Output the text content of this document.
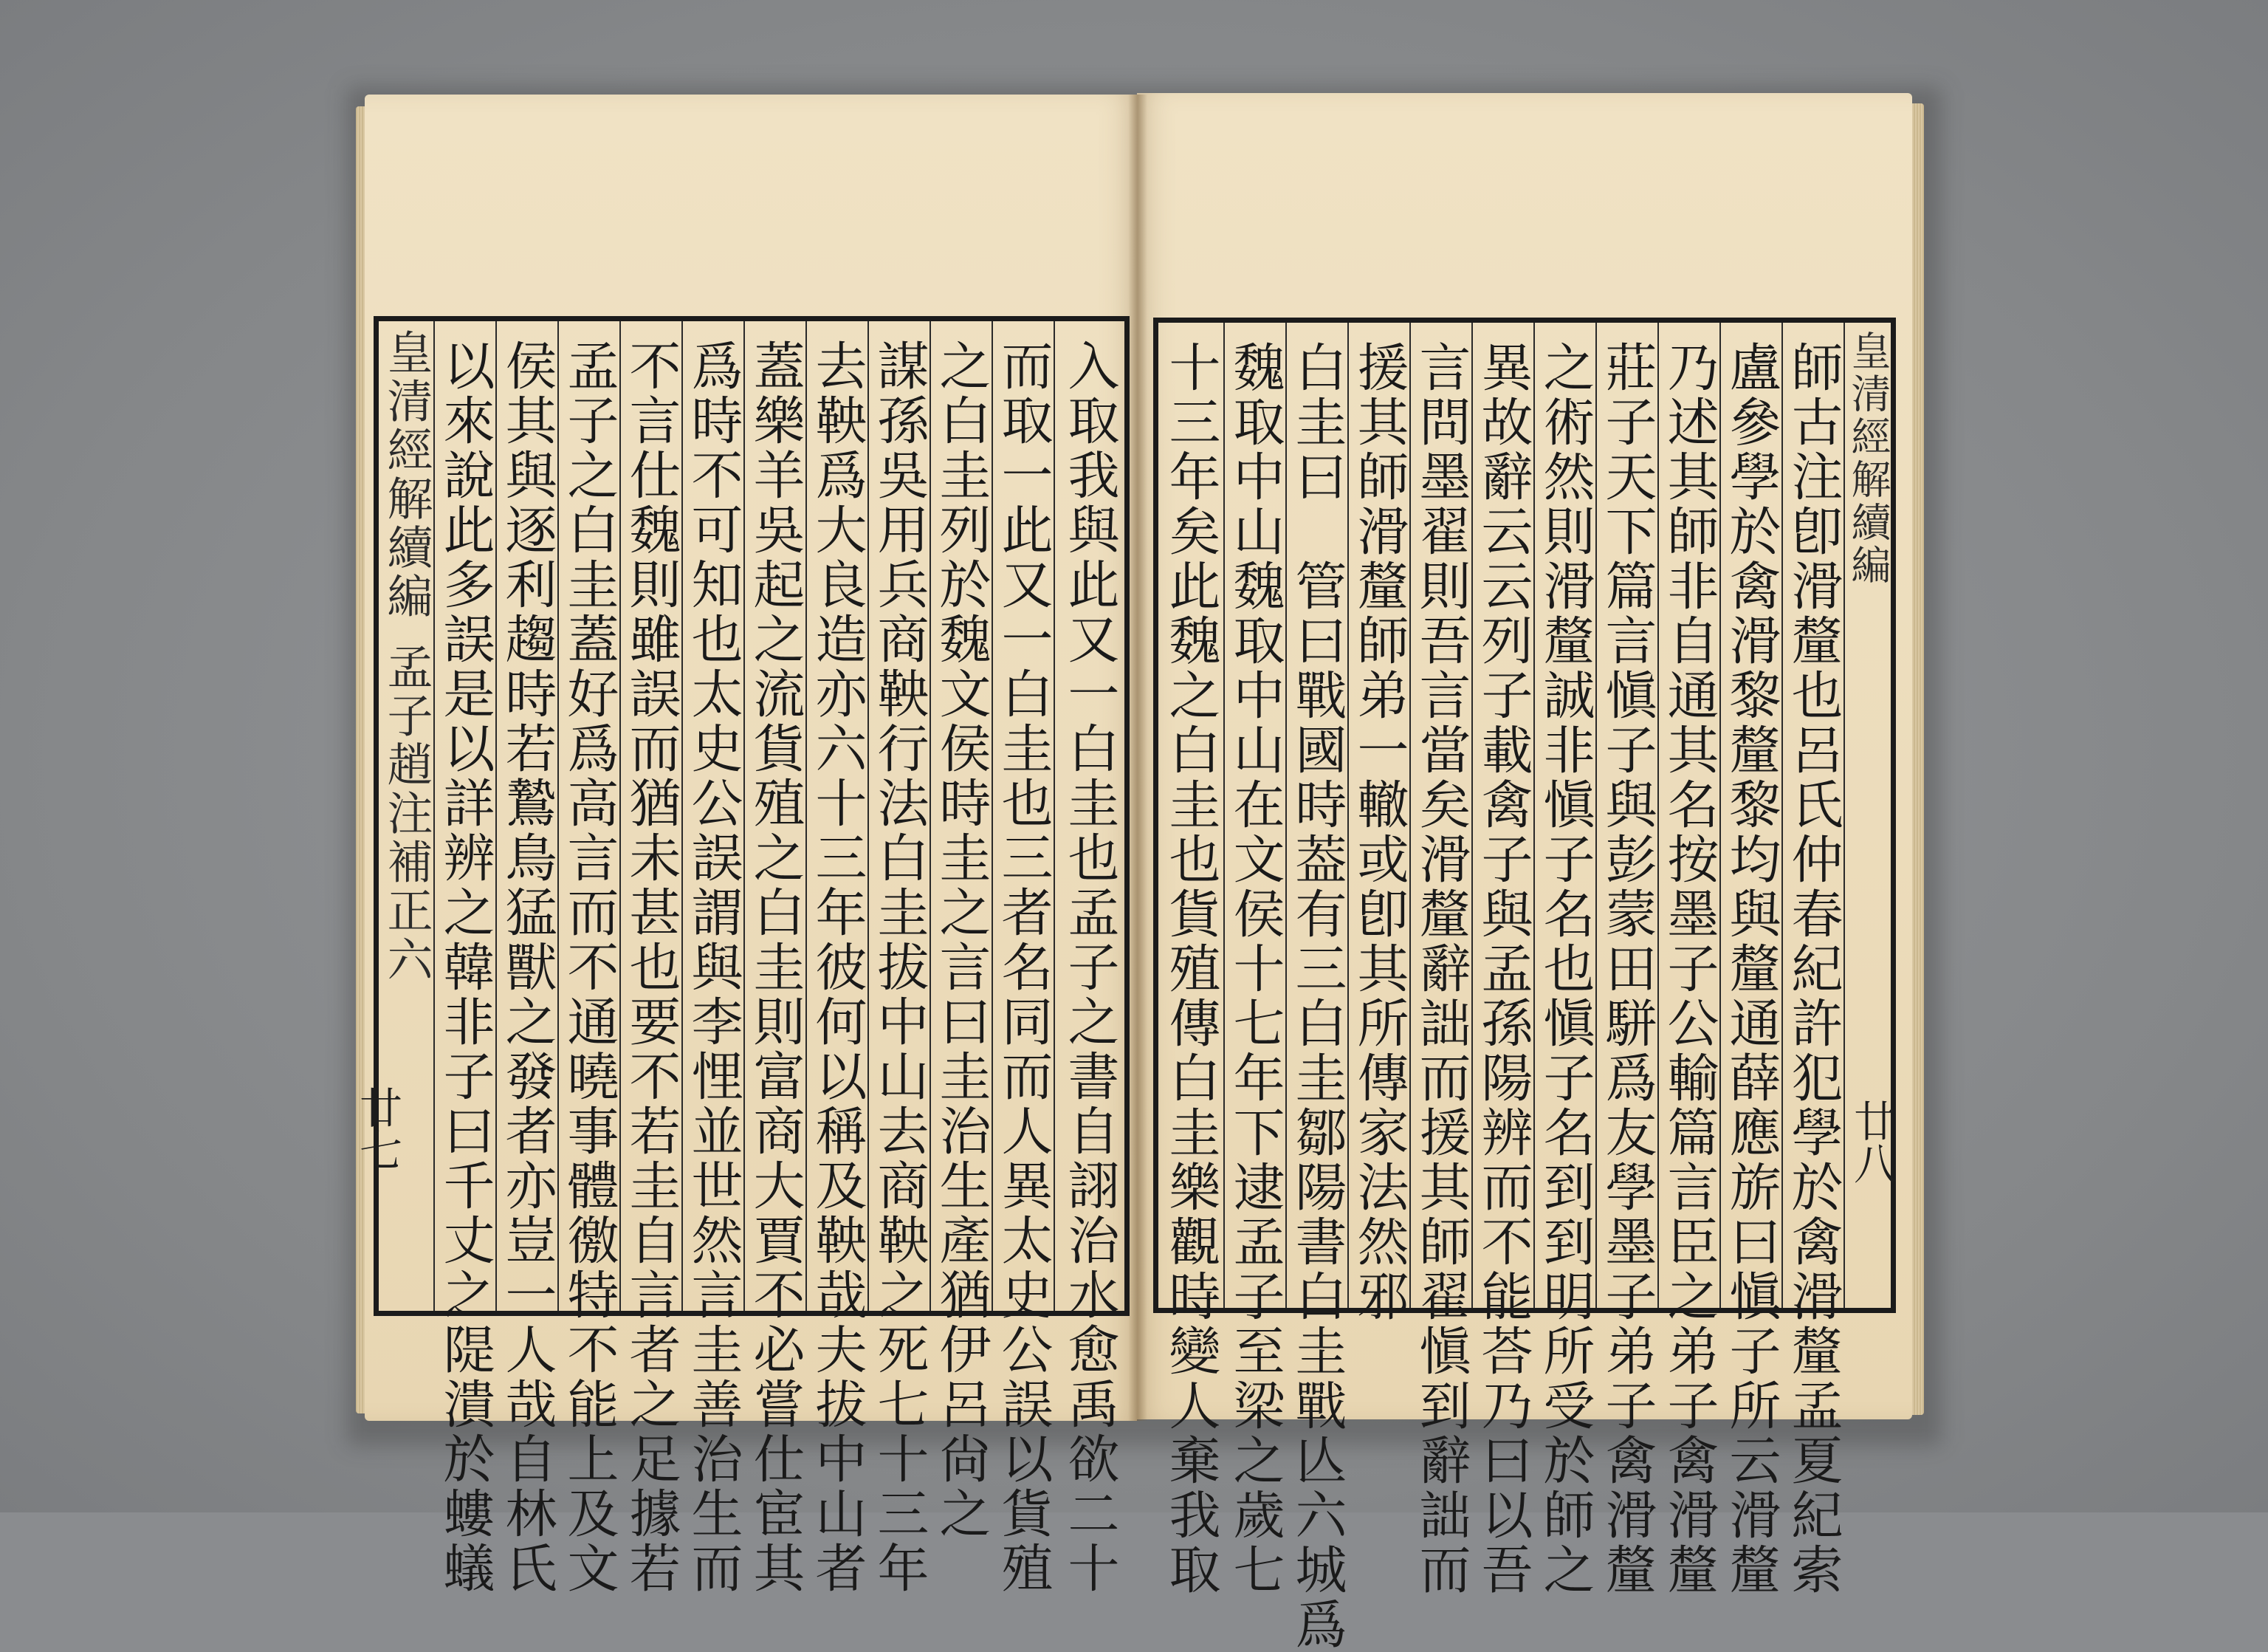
皇清經解續編孟子趙注補正六 以來說此多誤是以詳辨之韓非子曰千丈之隄潰於螻蟻 侯其與逐利趨時若鷙鳥猛獸之發者亦豈一人哉自林氏 孟子之白圭蓋好爲高言而不通曉事體徼特不能上及文 不言仕魏則雖誤而猶未甚也要不若圭自言者之足據若 爲時不可知也太史公誤謂與李悝並世然言圭善治生而 蓋樂羊吳起之流貨殖之白圭則富商大賈不必嘗仕宦其 去鞅爲大良造亦六十三年彼何以稱及鞅哉夫拔中山者 謀孫吳用兵商鞅行法白圭拔中山去商鞅之死七十三年 之白圭列於魏文侯時圭之言曰圭治生產猶伊呂尙之 而取一此又一白圭也三者名同而人異太史公誤以貨殖 入取我與此又一白圭也孟子之書自詡治水愈禹欲二十
廿七	十三年矣此魏之白圭也貨殖傳白圭樂觀時變人棄我取 魏取中山魏取中山在文侯十七年下逮孟子至梁之歲七 白圭曰　管曰戰國時葢有三白圭鄒陽書白圭戰亾六城爲 援其師滑釐師弟一轍或卽其所傳家法然邪 言問墨翟則吾言當矣滑釐辭詘而援其師翟愼到辭詘而 異故辭云云列子載禽子與孟孫陽辨而不能荅乃曰以吾 之術然則滑釐誠非愼子名也愼子名到到明所受於師之 莊子天下篇言愼子與彭蒙田駢爲友學墨子弟子禽滑釐 乃述其師非自通其名按墨子公輸篇言臣之弟子禽滑釐 盧參學於禽滑黎釐黎均與釐通薛應旂曰愼子所云滑釐 師古注卽滑釐也呂氏仲春紀許犯學於禽滑釐孟夏紀索 皇清經解續編
廿八
